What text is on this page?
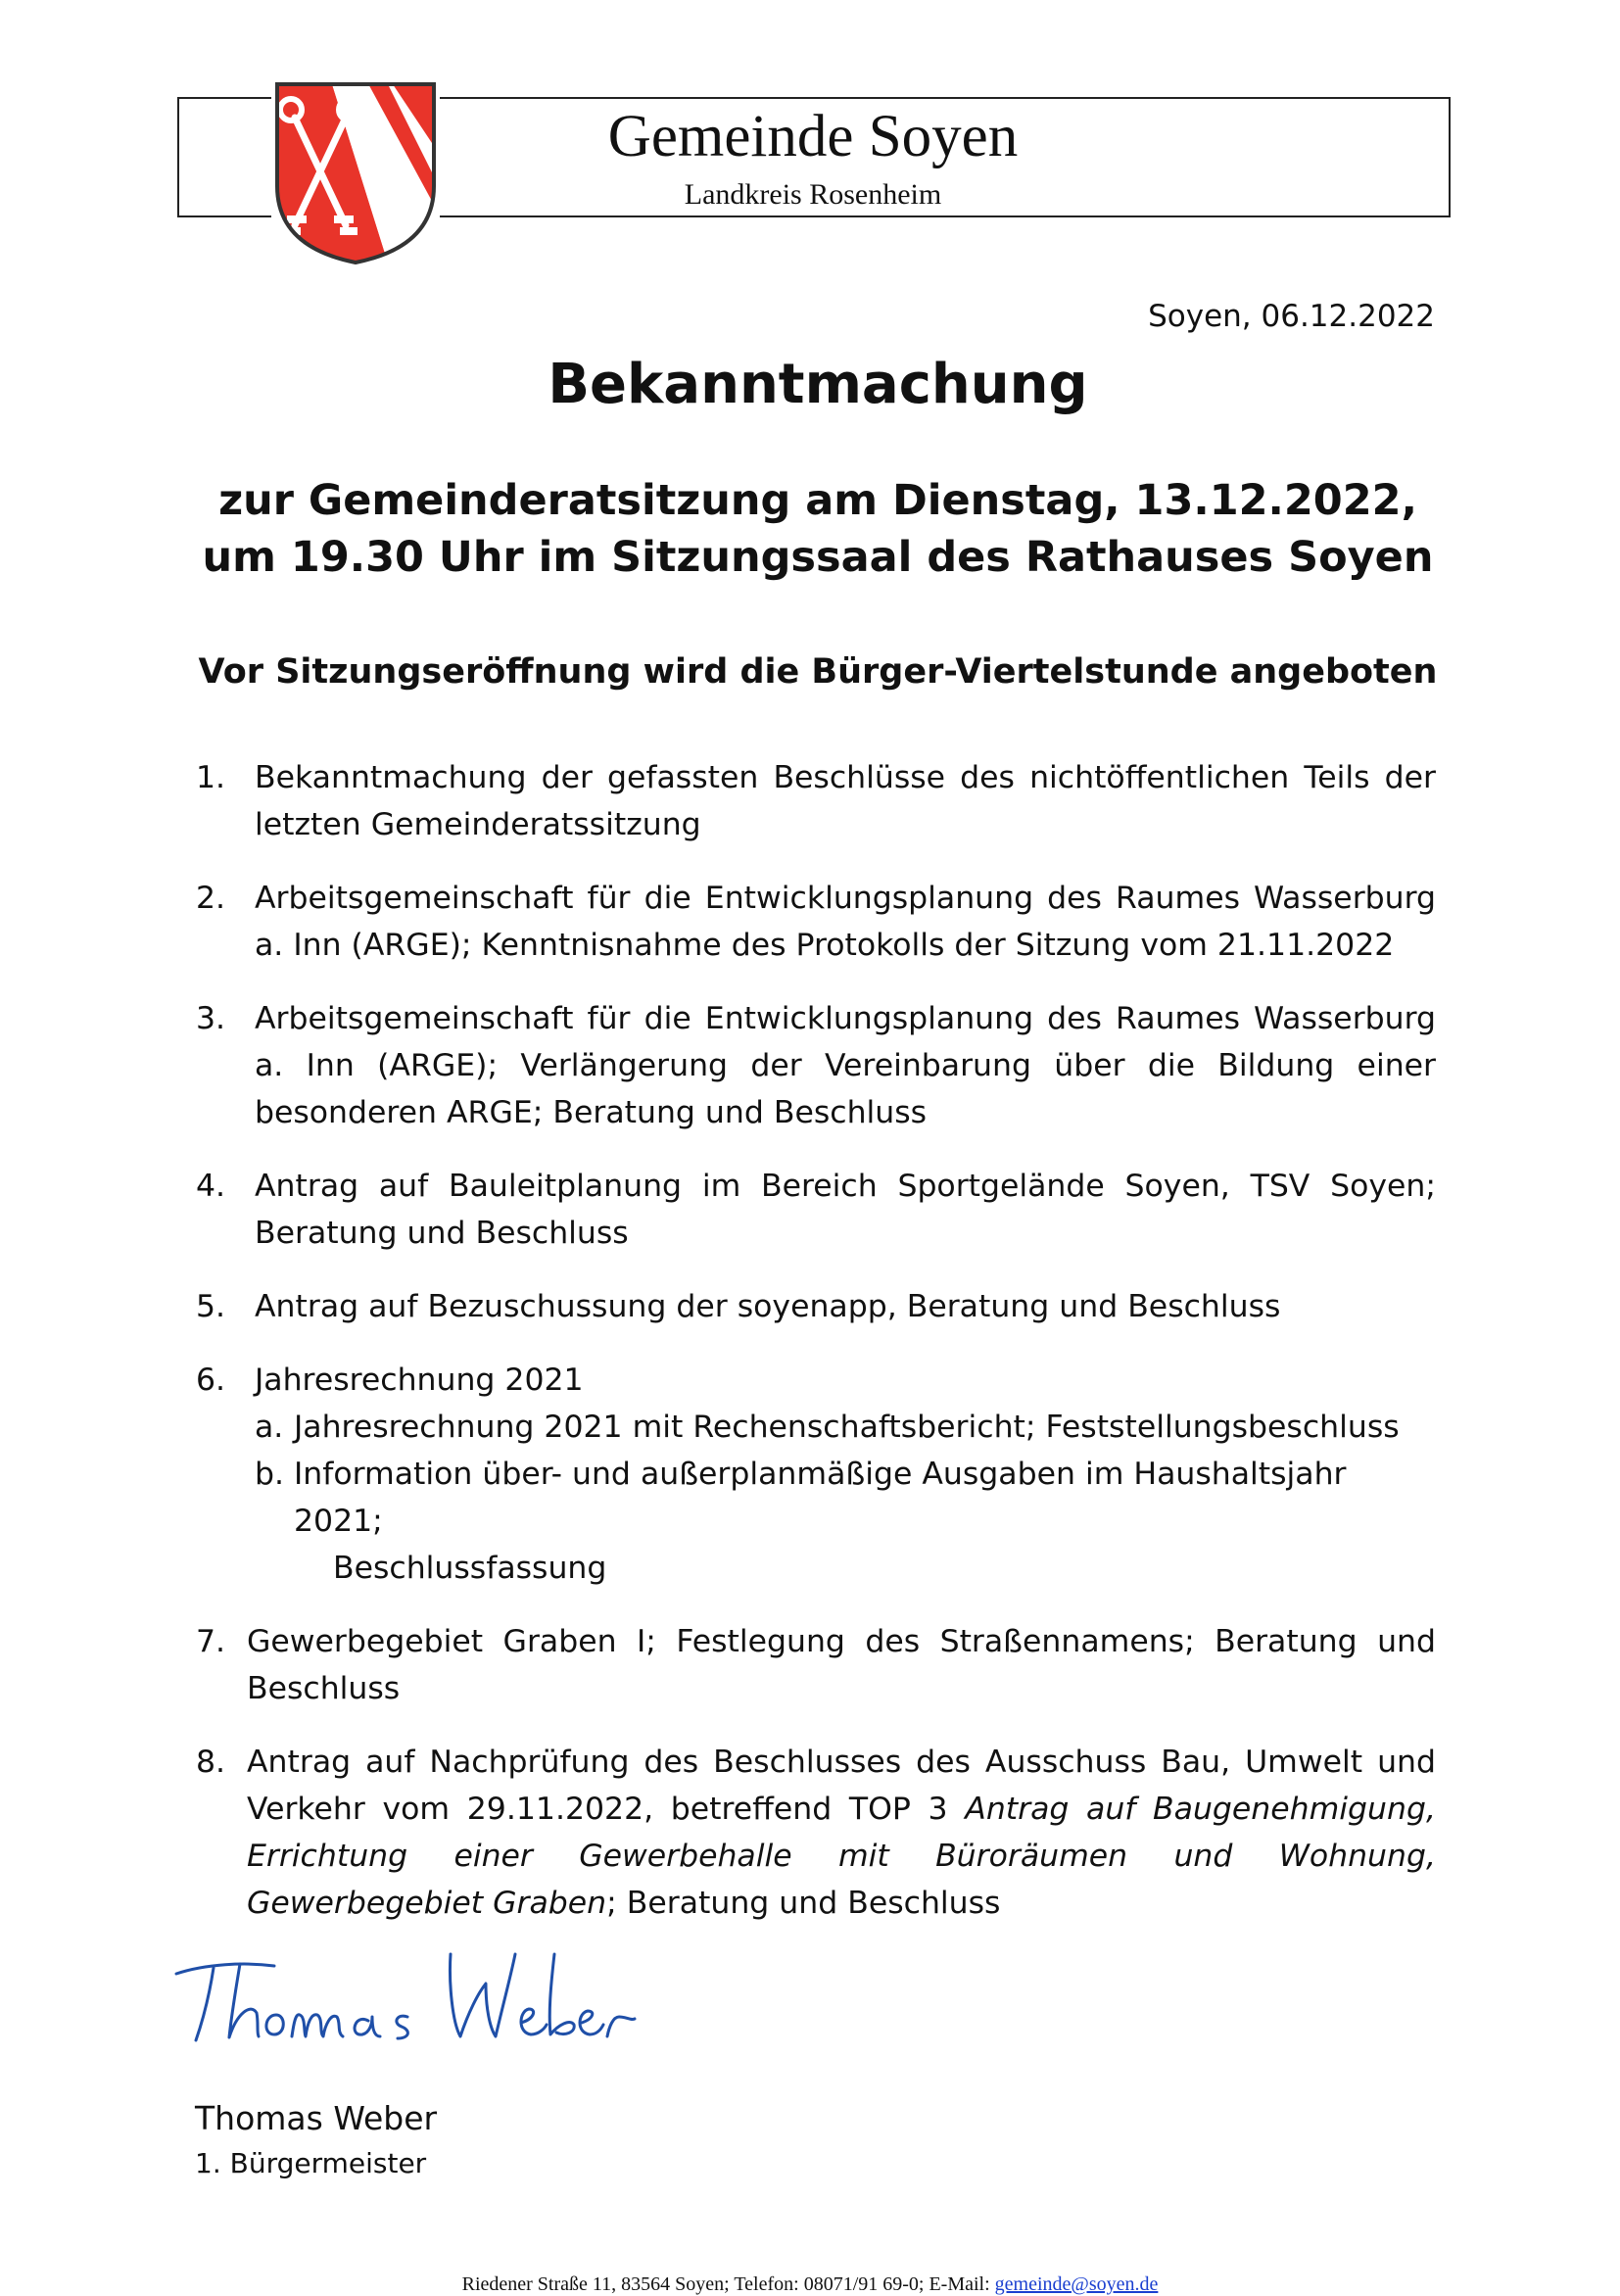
Gemeinde Soyen
Landkreis Rosenheim
Soyen, 06.12.2022
Bekanntmachung
zur Gemeinderatsitzung am Dienstag, 13.12.2022,
um 19.30 Uhr im Sitzungssaal des Rathauses Soyen
Vor Sitzungseröffnung wird die Bürger-Viertelstunde angeboten
1. Bekanntmachung der gefassten Beschlüsse des nichtöffentlichen Teils der letzten Gemeinderatssitzung
2. Arbeitsgemeinschaft für die Entwicklungsplanung des Raumes Wasserburg a. Inn (ARGE); Kenntnisnahme des Protokolls der Sitzung vom 21.11.2022
3. Arbeitsgemeinschaft für die Entwicklungsplanung des Raumes Wasserburg a. Inn (ARGE); Verlängerung der Vereinbarung über die Bildung einer besonderen ARGE; Beratung und Beschluss
4. Antrag auf Bauleitplanung im Bereich Sportgelände Soyen, TSV Soyen; Beratung und Beschluss
5. Antrag auf Bezuschussung der soyenapp, Beratung und Beschluss
6. Jahresrechnung 2021
a. Jahresrechnung 2021 mit Rechenschaftsbericht; Feststellungsbeschluss
b. Information über- und außerplanmäßige Ausgaben im Haushaltsjahr 2021;
Beschlussfassung
7. Gewerbegebiet Graben I; Festlegung des Straßennamens; Beratung und Beschluss
8. Antrag auf Nachprüfung des Beschlusses des Ausschuss Bau, Umwelt und Verkehr vom 29.11.2022, betreffend TOP 3 Antrag auf Baugenehmigung, Errichtung einer Gewerbehalle mit Büroräumen und Wohnung, Gewerbegebiet Graben; Beratung und Beschluss
Thomas Weber
1. Bürgermeister
Riedener Straße 11, 83564 Soyen; Telefon: 08071/91 69-0; E-Mail: gemeinde@soyen.de
